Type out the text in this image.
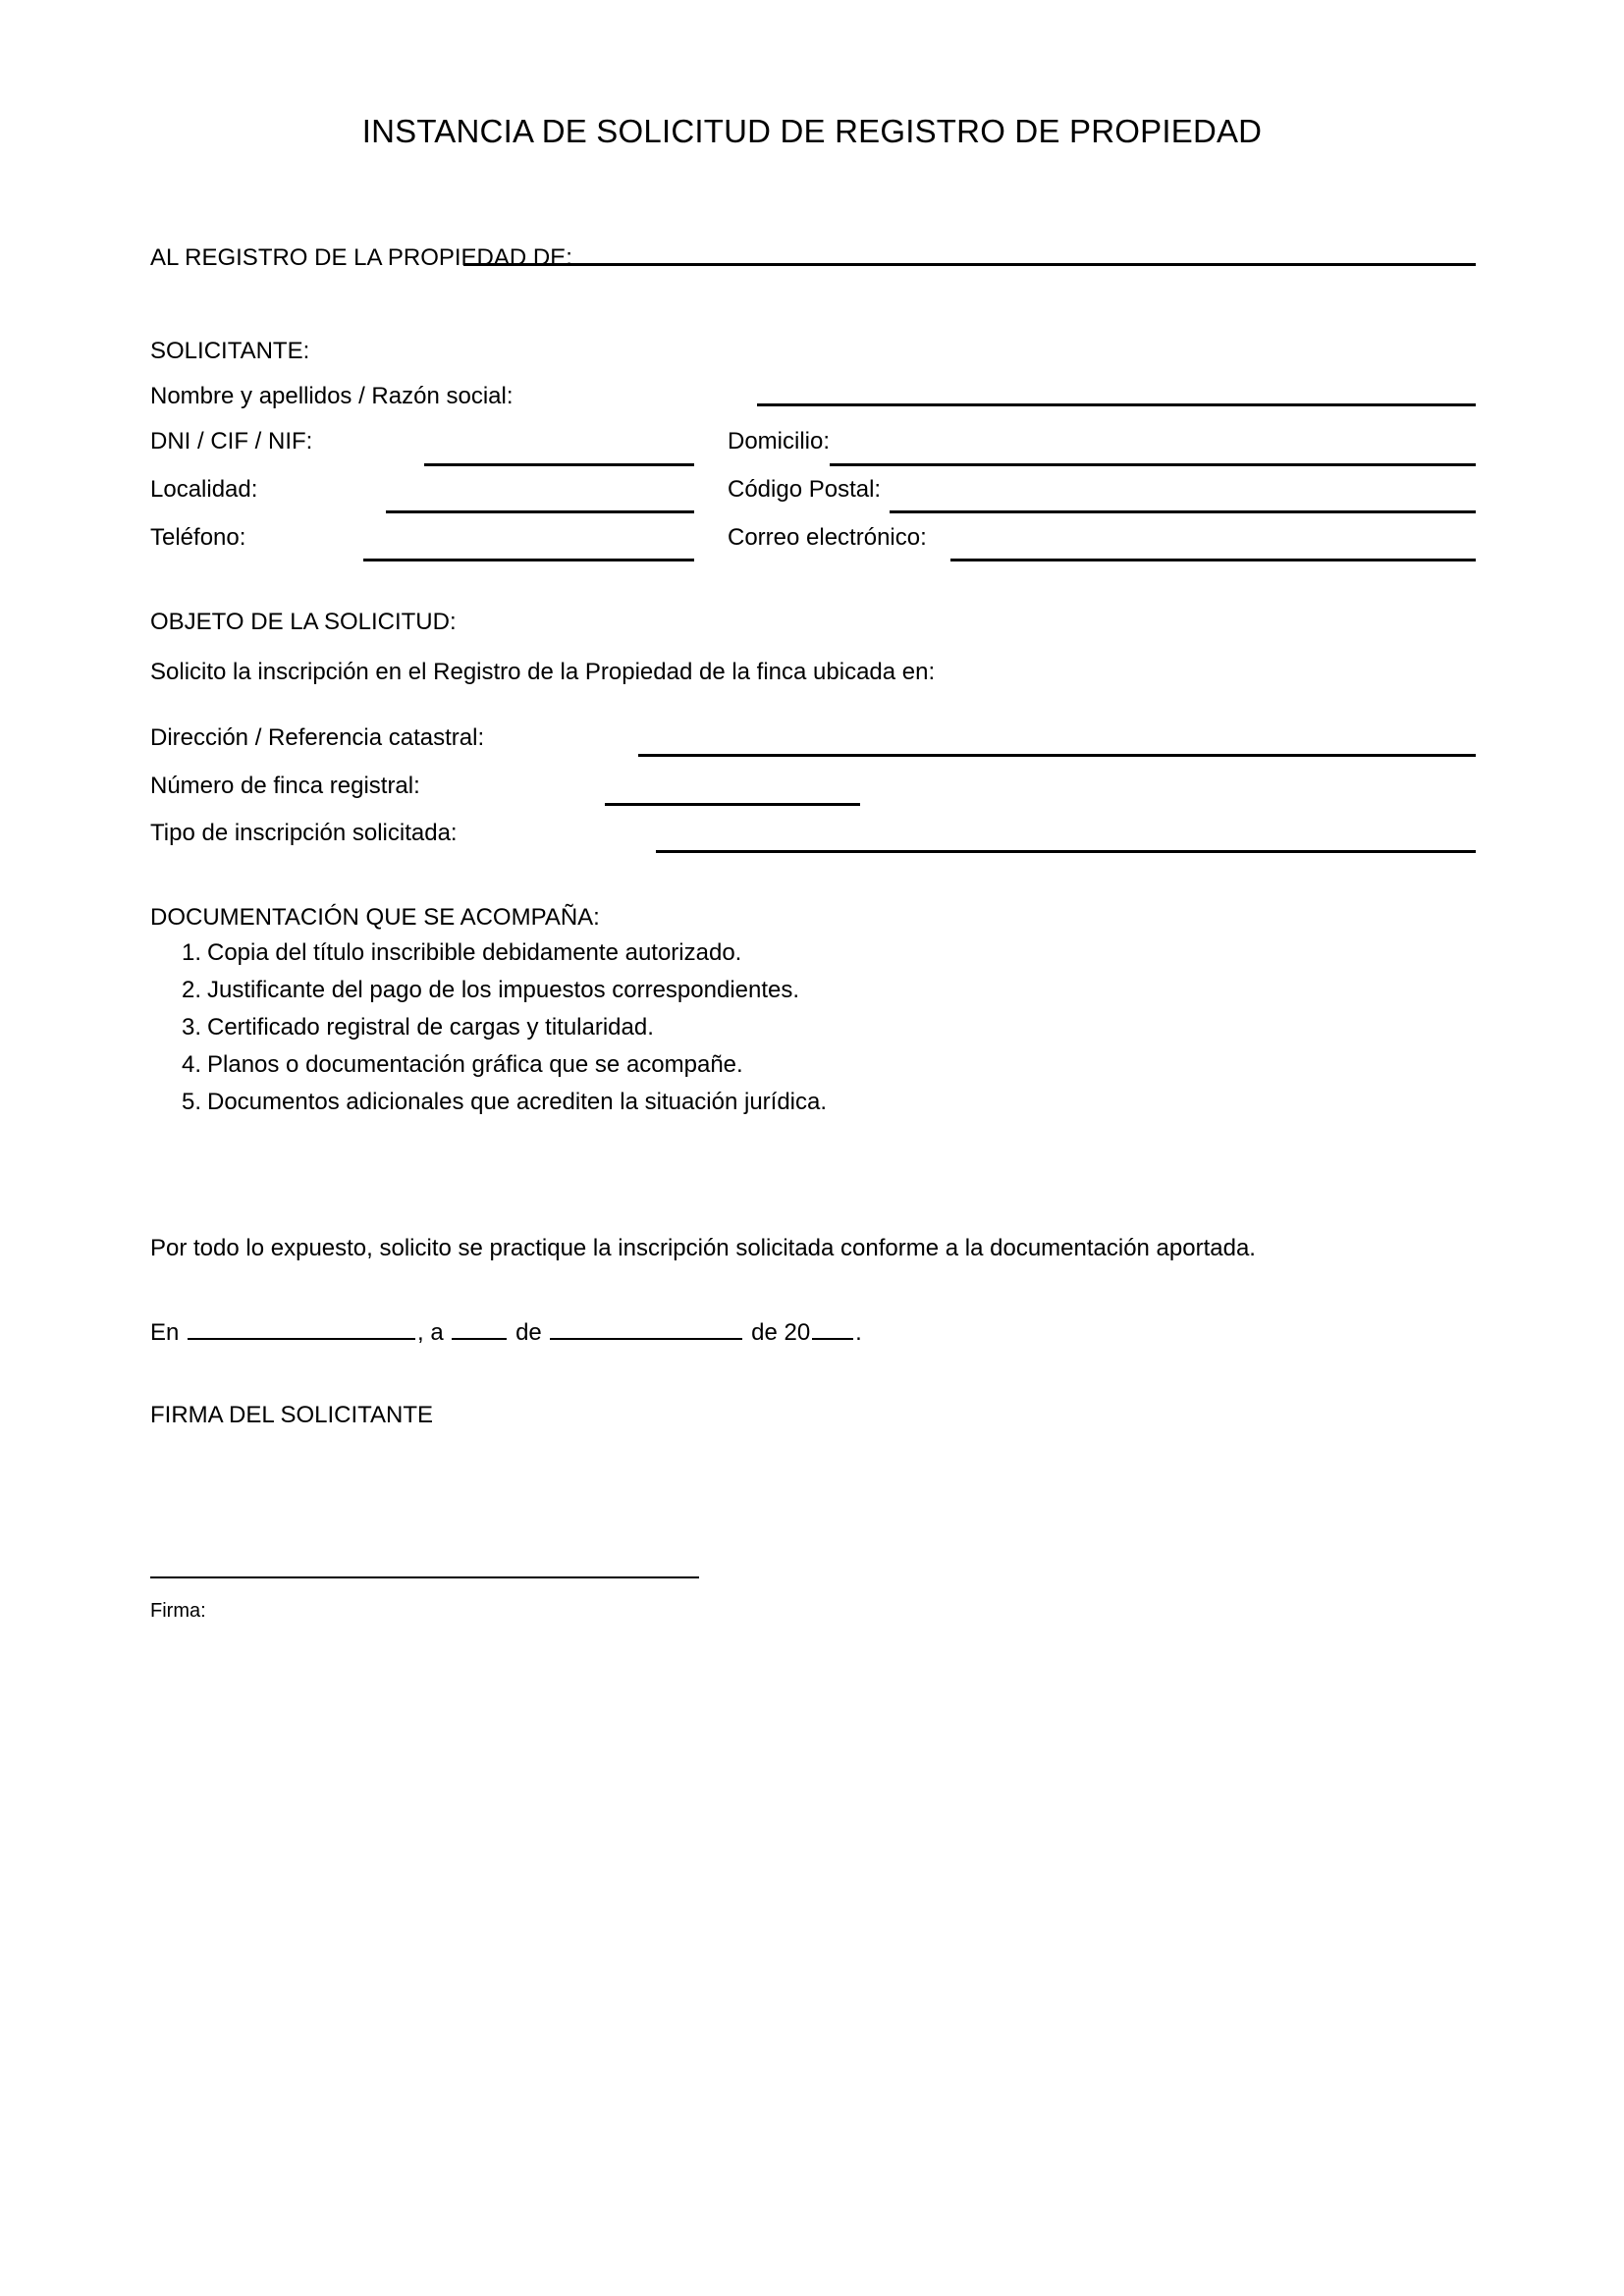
INSTANCIA DE SOLICITUD DE REGISTRO DE PROPIEDAD
AL REGISTRO DE LA PROPIEDAD DE:
SOLICITANTE:
Nombre y apellidos / Razón social:
DNI / CIF / NIF:	Domicilio:
Localidad:	Código Postal:
Teléfono:	Correo electrónico:
OBJETO DE LA SOLICITUD:
Solicito la inscripción en el Registro de la Propiedad de la finca ubicada en:
Dirección / Referencia catastral:
Número de finca registral:
Tipo de inscripción solicitada:
DOCUMENTACIÓN QUE SE ACOMPAÑA:
1. Copia del título inscribible debidamente autorizado.
2. Justificante del pago de los impuestos correspondientes.
3. Certificado registral de cargas y titularidad.
4. Planos o documentación gráfica que se acompañe.
5. Documentos adicionales que acrediten la situación jurídica.
Por todo lo expuesto, solicito se practique la inscripción solicitada conforme a la documentación aportada.
En	, a	de	de 20 .
FIRMA DEL SOLICITANTE
Firma:
